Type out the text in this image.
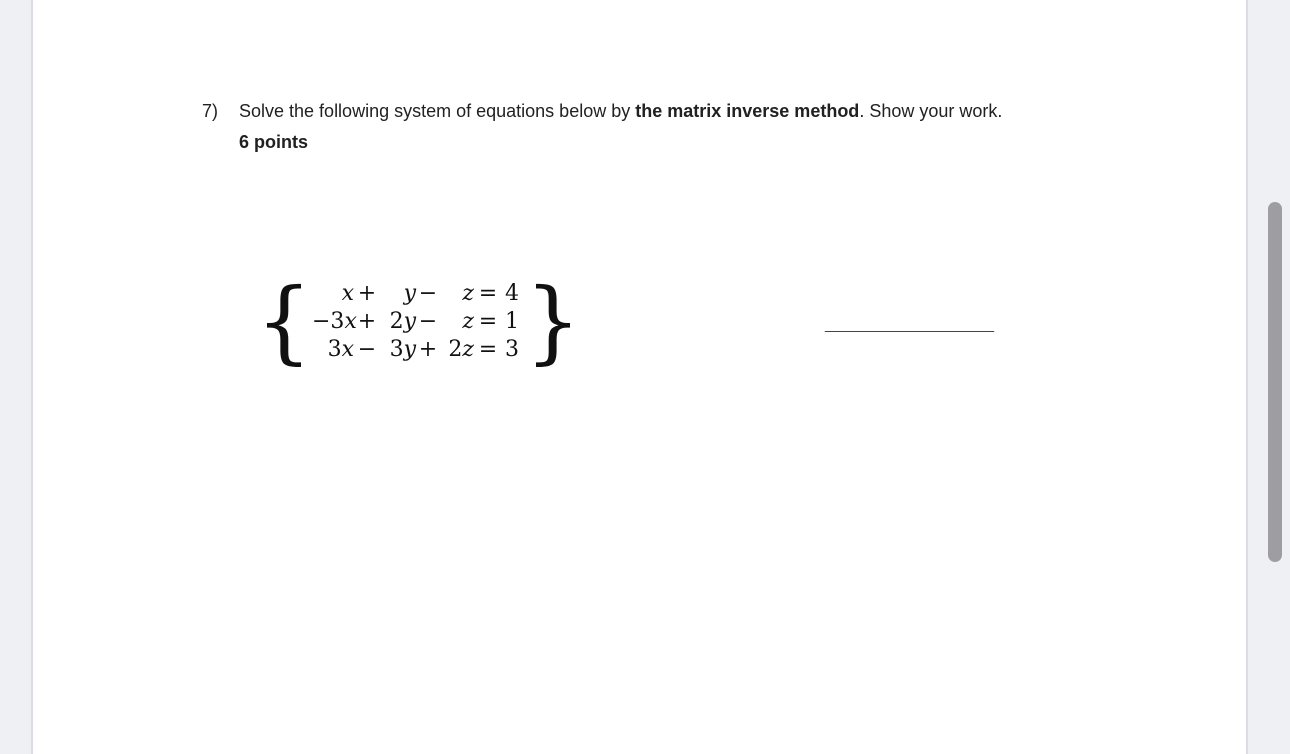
7)	Solve the following system of equations below by the matrix inverse method. Show your work.
6 points
{	x +	y −	z = 4
−3x + 2y −	z = 1
3x − 3y + 2z = 3 }	___________________
